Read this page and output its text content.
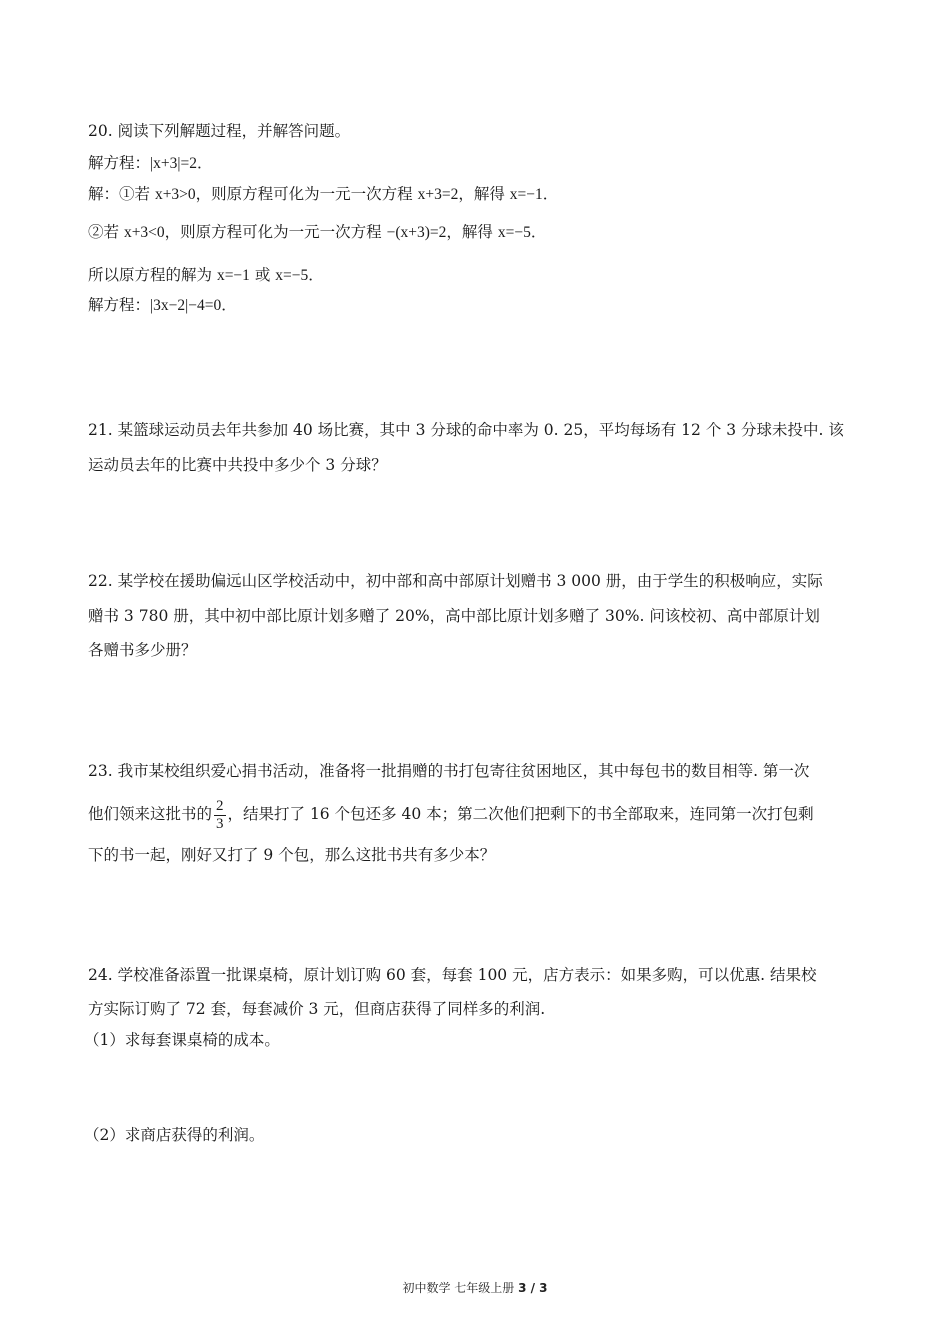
20. 阅读下列解题过程，并解答问题。
解方程：|x+3|=2．
解：①若 x+3>0，则原方程可化为一元一次方程 x+3=2，解得 x=−1．
②若 x+3<0，则原方程可化为一元一次方程 −(x+3)=2，解得 x=−5．
所以原方程的解为 x=−1 或 x=−5．
解方程：|3x−2|−4=0．
21. 某篮球运动员去年共参加 40 场比赛，其中 3 分球的命中率为 0. 25，平均每场有 12 个 3 分球未投中. 该
运动员去年的比赛中共投中多少个 3 分球？
22. 某学校在援助偏远山区学校活动中，初中部和高中部原计划赠书 3 000 册，由于学生的积极响应，实际
赠书 3 780 册，其中初中部比原计划多赠了 20%，高中部比原计划多赠了 30%. 问该校初、高中部原计划
各赠书多少册？
23. 我市某校组织爱心捐书活动，准备将一批捐赠的书打包寄往贫困地区，其中每包书的数目相等. 第一次
他们领来这批书的 $\frac{2}{3}$ ，结果打了 16 个包还多 40 本；第二次他们把剩下的书全部取来，连同第一次打包剩
下的书一起，刚好又打了 9 个包，那么这批书共有多少本？
24. 学校准备添置一批课桌椅，原计划订购 60 套，每套 100 元，店方表示：如果多购，可以优惠. 结果校
方实际订购了 72 套，每套减价 3 元，但商店获得了同样多的利润.
（1）求每套课桌椅的成本。
（2）求商店获得的利润。
初中数学 七年级上册 3 / 3
